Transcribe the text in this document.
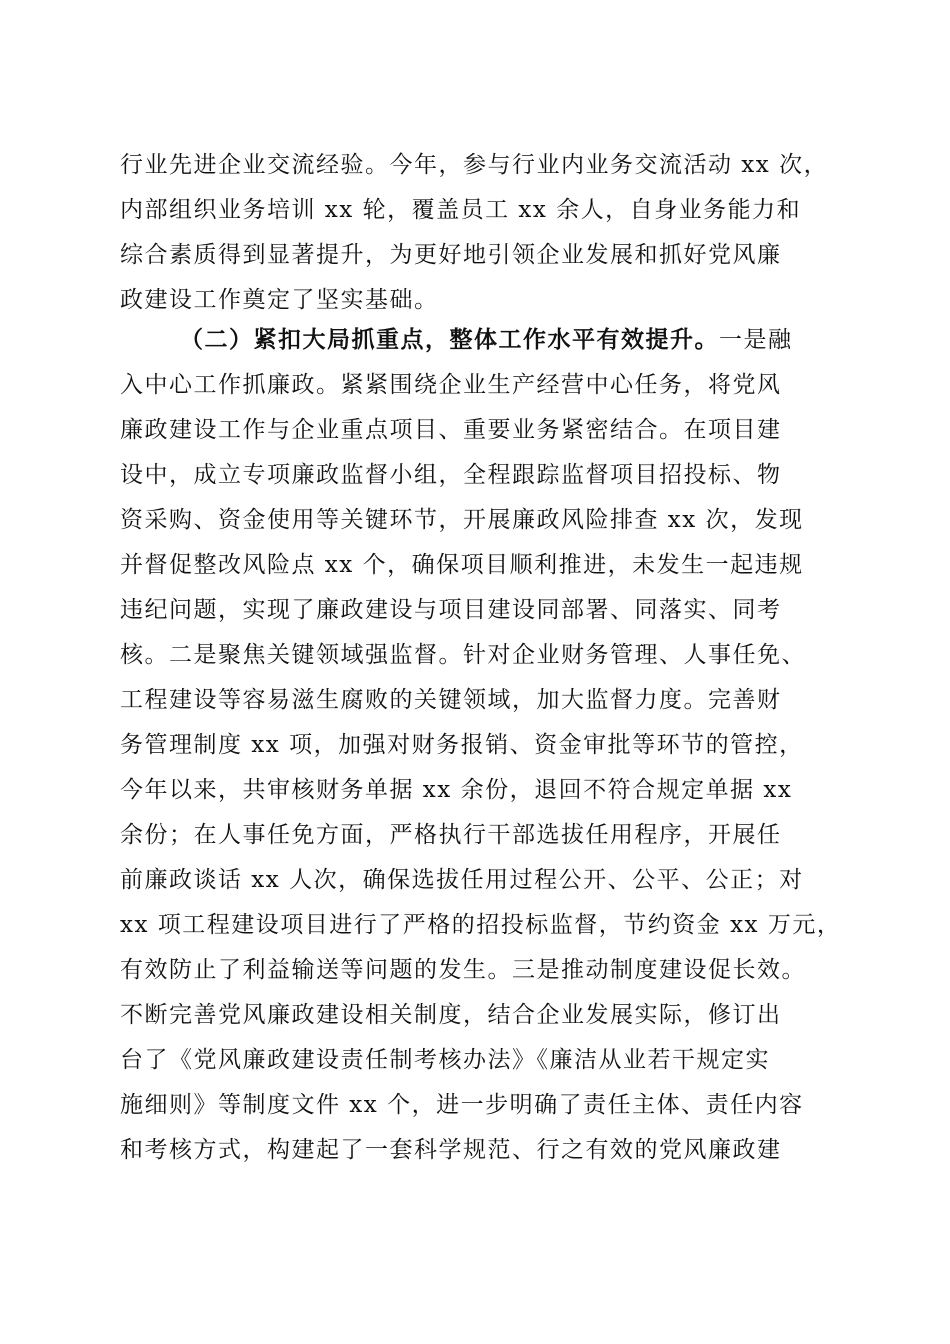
行业先进企业交流经验。今年，参与行业内业务交流活动 xx 次，
内部组织业务培训 xx 轮，覆盖员工 xx 余人，自身业务能力和
综合素质得到显著提升，为更好地引领企业发展和抓好党风廉
政建设工作奠定了坚实基础。
（二）紧扣大局抓重点，整体工作水平有效提升。一是融
入中心工作抓廉政。紧紧围绕企业生产经营中心任务，将党风
廉政建设工作与企业重点项目、重要业务紧密结合。在项目建
设中，成立专项廉政监督小组，全程跟踪监督项目招投标、物
资采购、资金使用等关键环节，开展廉政风险排查 xx 次，发现
并督促整改风险点 xx 个，确保项目顺利推进，未发生一起违规
违纪问题，实现了廉政建设与项目建设同部署、同落实、同考
核。二是聚焦关键领域强监督。针对企业财务管理、人事任免、
工程建设等容易滋生腐败的关键领域，加大监督力度。完善财
务管理制度 xx 项，加强对财务报销、资金审批等环节的管控，
今年以来，共审核财务单据 xx 余份，退回不符合规定单据 xx
余份；在人事任免方面，严格执行干部选拔任用程序，开展任
前廉政谈话 xx 人次，确保选拔任用过程公开、公平、公正；对
xx 项工程建设项目进行了严格的招投标监督，节约资金 xx 万元，
有效防止了利益输送等问题的发生。三是推动制度建设促长效。
不断完善党风廉政建设相关制度，结合企业发展实际，修订出
台了《党风廉政建设责任制考核办法》《廉洁从业若干规定实
施细则》等制度文件 xx 个，进一步明确了责任主体、责任内容
和考核方式，构建起了一套科学规范、行之有效的党风廉政建
